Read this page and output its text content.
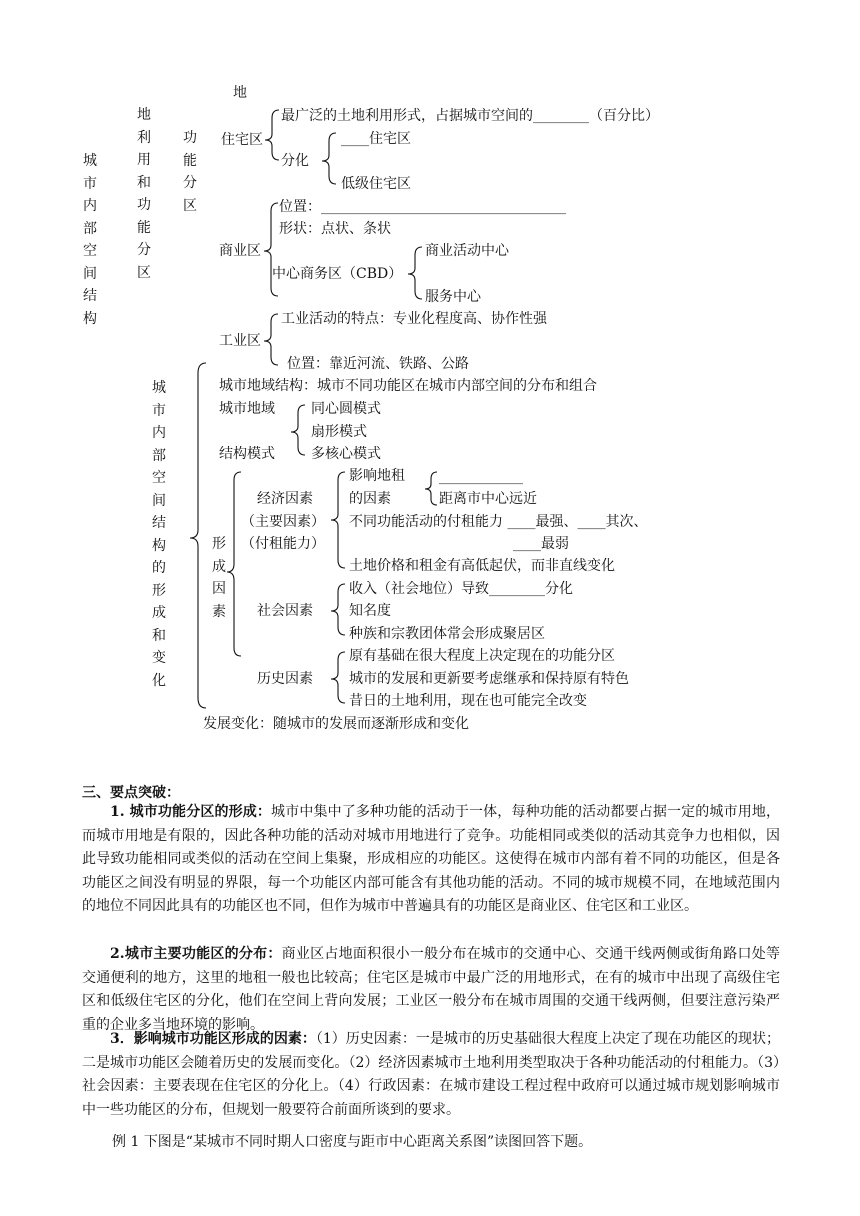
城市内部空间结构
地
地利用和功能分区
功能分区
住宅区
最广泛的土地利用形式，占据城市空间的________（百分比）
分化
____住宅区
低级住宅区
商业区
位置：___________________________________
形状：点状、条状
中心商务区（CBD）
商业活动中心
服务中心
工业区
工业活动的特点：专业化程度高、协作性强
位置：靠近河流、铁路、公路
城市内部空间结构的形成和变化
城市地域结构：城市不同功能区在城市内部空间的分布和组合
城市地域
结构模式
同心圆模式
扇形模式
多核心模式
形成因素
经济因素
（主要因素）
（付租能力）
影响地租
的因素
____________
距离市中心远近
不同功能活动的付租能力 ____最强、____其次、
____最弱
土地价格和租金有高低起伏，而非直线变化
社会因素
收入（社会地位）导致________分化
知名度
种族和宗教团体常会形成聚居区
历史因素
原有基础在很大程度上决定现在的功能分区
城市的发展和更新要考虑继承和保持原有特色
昔日的土地利用，现在也可能完全改变
发展变化：随城市的发展而逐渐形成和变化
三、要点突破：
1. 城市功能分区的形成：城市中集中了多种功能的活动于一体，每种功能的活动都要占据一定的城市用地，而城市用地是有限的，因此各种功能的活动对城市用地进行了竞争。功能相同或类似的活动其竞争力也相似，因此导致功能相同或类似的活动在空间上集聚，形成相应的功能区。这使得在城市内部有着不同的功能区，但是各功能区之间没有明显的界限，每一个功能区内部可能含有其他功能的活动。不同的城市规模不同，在地域范围内的地位不同因此具有的功能区也不同，但作为城市中普遍具有的功能区是商业区、住宅区和工业区。
2.城市主要功能区的分布：商业区占地面积很小一般分布在城市的交通中心、交通干线两侧或街角路口处等交通便利的地方，这里的地租一般也比较高；住宅区是城市中最广泛的用地形式，在有的城市中出现了高级住宅区和低级住宅区的分化，他们在空间上背向发展；工业区一般分布在城市周围的交通干线两侧，但要注意污染严重的企业多当地环境的影响。
3．影响城市功能区形成的因素：（1）历史因素：一是城市的历史基础很大程度上决定了现在功能区的现状；二是城市功能区会随着历史的发展而变化。（2）经济因素城市土地利用类型取决于各种功能活动的付租能力。（3）社会因素：主要表现在住宅区的分化上。（4）行政因素：在城市建设工程过程中政府可以通过城市规划影响城市中一些功能区的分布，但规划一般要符合前面所谈到的要求。
例 1 下图是“某城市不同时期人口密度与距市中心距离关系图”读图回答下题。
